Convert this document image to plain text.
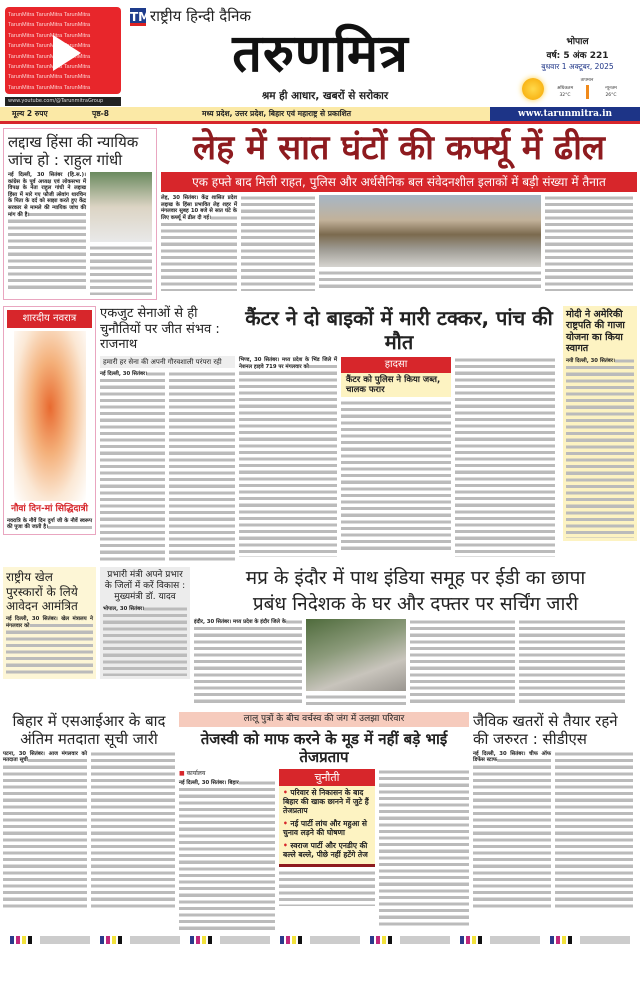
TarunMitra TarunMitra TarunMitra
TarunMitra TarunMitra TarunMitra
TarunMitra TarunMitra TarunMitra
TarunMitra TarunMitra TarunMitra
TarunMitra TarunMitra TarunMitra
TarunMitra TarunMitra TarunMitra
TarunMitra TarunMitra TarunMitra
TarunMitra TarunMitra TarunMitra
www.youtube.com/@TarunmitraGroup
TM राष्ट्रीय हिन्दी दैनिक
तरुणमित्र
श्रम ही आधार, खबरों से सरोकार
भोपाल
वर्ष: 5 अंक 221
बुधवार 1 अक्टूबर, 2025
तापमान
अधिकतम
32°C
न्यूनतम
26°C
मूल्य 2 रुपए	पृष्ठ-8	मध्य प्रदेश, उत्तर प्रदेश, बिहार एवं महाराष्ट्र से प्रकाशित	www.tarunmitra.in
लद्दाख हिंसा की न्यायिक जांच हो : राहुल गांधी
नई दिल्ली, 30 सितंबर (हि.स.)। कांग्रेस के पूर्व अध्यक्ष एवं लोकसभा में विपक्ष के नेता राहुल गांधी ने लद्दाख हिंसा में मारे गए फौजी त्सेवांग थारचिन के पिता के दर्द को साझा करते हुए केंद्र सरकार से मामले की न्यायिक जांच की मांग की है।
लेह में सात घंटों की कर्फ्यू में ढील
एक हफ्ते बाद मिली राहत, पुलिस और अर्धसैनिक बल संवेदनशील इलाकों में बड़ी संख्या में तैनात
लेह, 30 सितंबर। केंद्र शासित प्रदेश लद्दाख के हिंसा प्रभावित लेह शहर में मंगलवार सुबह 10 बजे से सात घंटे के लिए कर्फ्यू में ढील दी गई।
शारदीय नवरात्र
नौवां दिन-मां सिद्धिदात्री
नवरात्रि के नौवें दिन दुर्गा जी के नौवें स्वरूप की पूजा की जाती है।
एकजुट सेनाओं से ही चुनौतियों पर जीत संभव : राजनाथ
हमारी हर सेना की अपनी गौरवशाली परंपरा रही
नई दिल्ली, 30 सितंबर।
कैंटर ने दो बाइकों में मारी टक्कर, पांच की मौत
भिण्ड, 30 सितंबर। मध्य प्रदेश के भिंड जिले में नेशनल हाइवे 719 पर मंगलवार को	हादसा
कैंटर को पुलिस ने किया जब्त, चालक फरार
मोदी ने अमेरिकी राष्ट्रपति की गाजा योजना का किया स्वागत
नयी दिल्ली, 30 सितंबर।
राष्ट्रीय खेल पुरस्कारों के लिये आवेदन आमंत्रित
नई दिल्ली, 30 सितंबर। खेल मंत्रालय ने मंगलवार को
प्रभारी मंत्री अपने प्रभार के जिलों में करें विकास : मुख्यमंत्री डॉ. यादव
भोपाल, 30 सितंबर।
मप्र के इंदौर में पाथ इंडिया समूह पर ईडी का छापा
प्रबंध निदेशक के घर और दफ्तर पर सर्चिंग जारी
इंदौर, 30 सितंबर। मध्य प्रदेश के इंदौर जिले के
बिहार में एसआईआर के बाद अंतिम मतदाता सूची जारी
पटना, 30 सितंबर। आज मंगलवार को मतदाता सूची
लालू पुत्रों के बीच वर्चस्व की जंग में उलझा परिवार
तेजस्वी को माफ करने के मूड में नहीं बड़े भाई तेजप्रताप
■ कार्यालय
नई दिल्ली, 30 सितंबर। बिहार	चुनौती
• परिवार से निकासन के बाद बिहार की खाक छानने में जुटे हैं तेजप्रताप
• नई पार्टी लांच और महुआ से चुनाव लड़ने की घोषणा
• स्वराज पार्टी और एनडीए की बल्ले बल्ले, पीछे नहीं हटेंगे तेज
जैविक खतरों से तैयार रहने की जरुरत : सीडीएस
नई दिल्ली, 30 सितंबर। चीफ ऑफ डिफेंस स्टाफ
